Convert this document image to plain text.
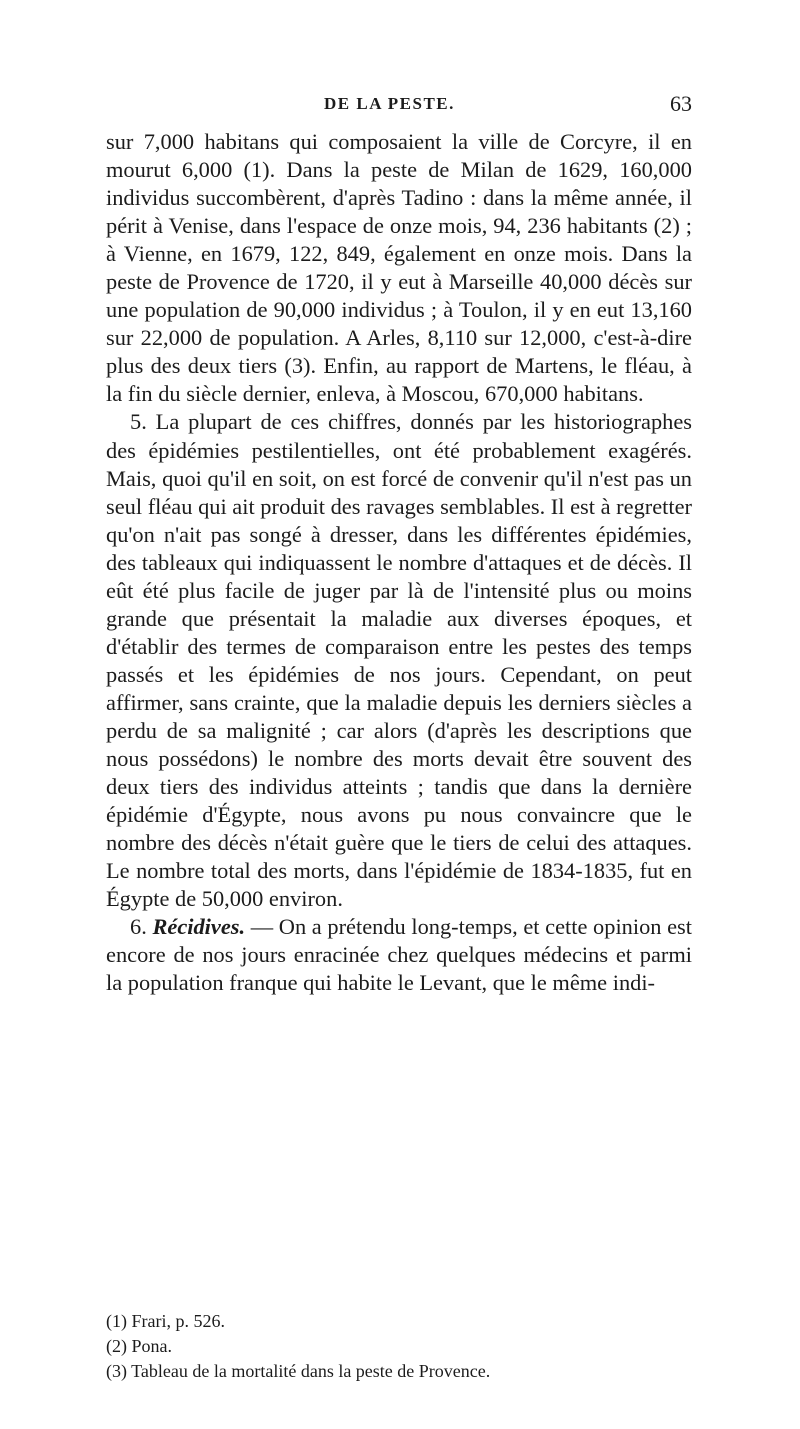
DE LA PESTE.	63

sur 7,000 habitans qui composaient la ville de Corcyre, il en mourut 6,000 (1). Dans la peste de Milan de 1629, 160,000 individus succombèrent, d'après Tadino : dans la même année, il périt à Venise, dans l'espace de onze mois, 94, 236 habitants (2) ; à Vienne, en 1679, 122, 849, également en onze mois. Dans la peste de Provence de 1720, il y eut à Marseille 40,000 décès sur une population de 90,000 individus ; à Toulon, il y en eut 13,160 sur 22,000 de population. A Arles, 8,110 sur 12,000, c'est-à-dire plus des deux tiers (3). Enfin, au rapport de Martens, le fléau, à la fin du siècle dernier, enleva, à Moscou, 670,000 habitans.

5. La plupart de ces chiffres, donnés par les historiographes des épidémies pestilentielles, ont été probablement exagérés. Mais, quoi qu'il en soit, on est forcé de convenir qu'il n'est pas un seul fléau qui ait produit des ravages semblables. Il est à regretter qu'on n'ait pas songé à dresser, dans les différentes épidémies, des tableaux qui indiquassent le nombre d'attaques et de décès. Il eût été plus facile de juger par là de l'intensité plus ou moins grande que présentait la maladie aux diverses époques, et d'établir des termes de comparaison entre les pestes des temps passés et les épidémies de nos jours. Cependant, on peut affirmer, sans crainte, que la maladie depuis les derniers siècles a perdu de sa malignité ; car alors (d'après les descriptions que nous possédons) le nombre des morts devait être souvent des deux tiers des individus atteints ; tandis que dans la dernière épidémie d'Égypte, nous avons pu nous convaincre que le nombre des décès n'était guère que le tiers de celui des attaques. Le nombre total des morts, dans l'épidémie de 1834-1835, fut en Égypte de 50,000 environ.

6. Récidives. — On a prétendu long-temps, et cette opinion est encore de nos jours enracinée chez quelques médecins et parmi la population franque qui habite le Levant, que le même indi-

(1) Frari, p. 526.

(2) Pona.

(3) Tableau de la mortalité dans la peste de Provence.
